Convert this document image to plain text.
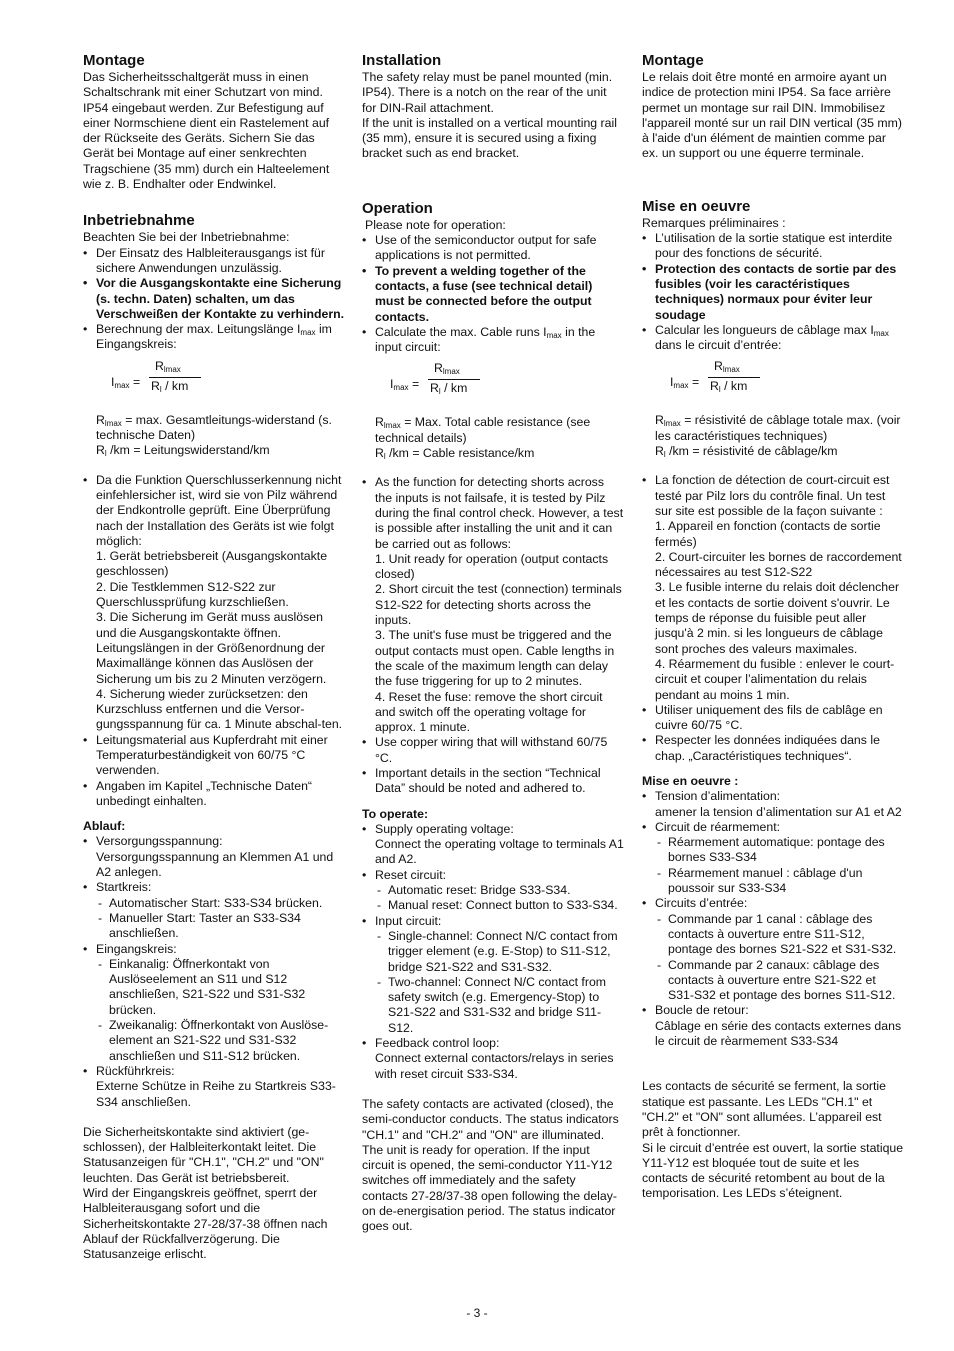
Montage

Das Sicherheitsschaltgerät muss in einen Schaltschrank mit einer Schutzart von mind. IP54 eingebaut werden. Zur Befestigung auf einer Normschiene dient ein Rastelement auf der Rückseite des Geräts. Sichern Sie das Gerät bei Montage auf einer senkrechten Tragschiene (35 mm) durch ein Halteelement wie z. B. Endhalter oder Endwinkel.

Inbetriebnahme

Beachten Sie bei der Inbetriebnahme:

• Der Einsatz des Halbleiterausgangs ist für sichere Anwendungen unzulässig.
• Vor die Ausgangskontakte eine Sicherung (s. techn. Daten) schalten, um das Verschweißen der Kontakte zu verhindern.
• Berechnung der max. Leitungslänge $I_{max}$ im Eingangskreis:
$I_{max}$ =
$R_{lmax}$
$R_l$ / km

$R_{lmax} = \max$. Gesamtleitungs-widerstand (s. technische Daten)

$R_l$ /km = Leitungswiderstand/km

• Da die Funktion Querschlusserkennung nicht einfehlersicher ist, wird sie von Pilz während der Endkontrolle geprüft. Eine Überprüfung nach der Installation des Geräts ist wie folgt möglich:
1. Gerät betriebsbereit (Ausgangskontakte geschlossen)
2. Die Testklemmen S12-S22 zur Querschlussprüfung kurzschließen.
3. Die Sicherung im Gerät muss auslösen und die Ausgangskontakte öffnen. Leitungslängen in der Größenordnung der Maximallänge können das Auslösen der Sicherung um bis zu 2 Minuten verzögern.
4. Sicherung wieder zurücksetzen: den Kurzschluss entfernen und die Versor-gungsspannung für ca. 1 Minute abschal-ten.
• Leitungsmaterial aus Kupferdraht mit einer Temperaturbeständigkeit von 60/75 °C verwenden.
• Angaben im Kapitel „Technische Daten“ unbedingt einhalten.

Ablauf:

• Versorgungsspannung:
Versorgungsspannung an Klemmen A1 und A2 anlegen.
• Startkreis:
- Automatischer Start: S33-S34 brücken.
- Manueller Start: Taster an S33-S34 anschließen.
• Eingangskreis:
- Einkanalig: Öffnerkontakt von Auslöseelement an S11 und S12 anschließen, S21-S22 und S31-S32 brücken.
- Zweikanalig: Öffnerkontakt von Auslöse-element an S21-S22 und S31-S32 anschließen und S11-S12 brücken.
• Rückführkreis:
Externe Schütze in Reihe zu Startkreis S33-S34 anschließen.

Die Sicherheitskontakte sind aktiviert (ge-schlossen), der Halbleiterkontakt leitet. Die Statusanzeigen für "CH.1", "CH.2" und "ON" leuchten. Das Gerät ist betriebsbereit.

Wird der Eingangskreis geöffnet, sperrt der Halbleiterausgang sofort und die Sicherheitskontakte 27-28/37-38 öffnen nach Ablauf der Rückfallverzögerung. Die Statusanzeige erlischt.

Installation

The safety relay must be panel mounted (min. IP54). There is a notch on the rear of the unit for DIN-Rail attachment.

If the unit is installed on a vertical mounting rail (35 mm), ensure it is secured using a fixing bracket such as end bracket.

Operation

Please note for operation:

• Use of the semiconductor output for safe applications is not permitted.
• To prevent a welding together of the contacts, a fuse (see technical detail) must be connected before the output contacts.
• Calculate the max. Cable runs $I_{max}$ in the input circuit:
$I_{max}$ =
$R_{lmax}$
$R_l$ / km

$R_{lmax}$ = Max. Total cable resistance (see technical details)

$R_l$ /km = Cable resistance/km

• As the function for detecting shorts across the inputs is not failsafe, it is tested by Pilz during the final control check. However, a test is possible after installing the unit and it can be carried out as follows:
1. Unit ready for operation (output contacts closed)
2. Short circuit the test (connection) terminals S12-S22 for detecting shorts across the inputs.
3. The unit's fuse must be triggered and the output contacts must open. Cable lengths in the scale of the maximum length can delay the fuse triggering for up to 2 minutes.
4. Reset the fuse: remove the short circuit and switch off the operating voltage for approx. 1 minute.
• Use copper wiring that will withstand 60/75 °C.
• Important details in the section “Technical Data” should be noted and adhered to.

To operate:

• Supply operating voltage:
Connect the operating voltage to terminals A1 and A2.
• Reset circuit:
- Automatic reset: Bridge S33-S34.
- Manual reset: Connect button to S33-S34.
• Input circuit:
- Single-channel: Connect N/C contact from trigger element (e.g. E-Stop) to S11-S12, bridge S21-S22 and S31-S32.
- Two-channel: Connect N/C contact from safety switch (e.g. Emergency-Stop) to S21-S22 and S31-S32 and bridge S11-S12.
• Feedback control loop:
Connect external contactors/relays in series with reset circuit S33-S34.

The safety contacts are activated (closed), the semi-conductor conducts. The status indicators "CH.1" and "CH.2" and "ON" are illuminated. The unit is ready for operation. If the input circuit is opened, the semi-conductor Y11-Y12 switches off immediately and the safety contacts 27-28/37-38 open following the delay-on de-energisation period. The status indicator goes out.

Montage

Le relais doit être monté en armoire ayant un indice de protection mini IP54. Sa face arrière permet un montage sur rail DIN. Immobilisez l'appareil monté sur un rail DIN vertical (35 mm) à l'aide d'un élément de maintien comme par ex. un support ou une équerre terminale.

Mise en oeuvre

Remarques préliminaires :

• L’utilisation de la sortie statique est interdite pour des fonctions de sécurité.
• Protection des contacts de sortie par des fusibles (voir les caractéristiques techniques) normaux pour éviter leur soudage
• Calcular les longueurs de câblage $\max I_{max}$ dans le circuit d’entrée:
$I_{max}$ =
$R_{lmax}$
$R_l$ / km

$R_{lmax}$ = résistivité de câblage totale max. (voir les caractéristiques techniques)

$R_l$ /km = résistivité de câblage/km

• La fonction de détection de court-circuit est testé par Pilz lors du contrôle final. Un test sur site est possible de la façon suivante :
1. Appareil en fonction (contacts de sortie fermés)
2. Court-circuiter les bornes de raccordement nécessaires au test S12-S22
3. Le fusible interne du relais doit déclencher et les contacts de sortie doivent s'ouvrir. Le temps de réponse du fuisible peut aller jusqu'à 2 min. si les longueurs de câblage sont proches des valeurs maximales.
4. Réarmement du fusible : enlever le court-circuit et couper l’alimentation du relais pendant au moins 1 min.
• Utiliser uniquement des fils de cablâge en cuivre 60/75 °C.
• Respecter les données indiquées dans le chap. „Caractéristiques techniques“.

Mise en oeuvre :

• Tension d’alimentation:
amener la tension d’alimentation sur A1 et A2
• Circuit de réarmement:
- Réarmement automatique: pontage des bornes S33-S34
- Réarmement manuel : câblage d'un poussoir sur S33-S34
• Circuits d’entrée:
- Commande par 1 canal : câblage des contacts à ouverture entre S11-S12, pontage des bornes S21-S22 et S31-S32.
- Commande par 2 canaux: câblage des contacts à ouverture entre S21-S22 et S31-S32 et pontage des bornes S11-S12.
• Boucle de retour:
Câblage en série des contacts externes dans le circuit de rèarmement S33-S34

Les contacts de sécurité se ferment, la sortie statique est passante. Les LEDs "CH.1" et "CH.2" et "ON" sont allumées. L’appareil est prêt à fonctionner.

Si le circuit d’entrée est ouvert, la sortie statique Y11-Y12 est bloquée tout de suite et les contacts de sécurité retombent au bout de la temporisation. Les LEDs s’éteignent.

- 3 -
